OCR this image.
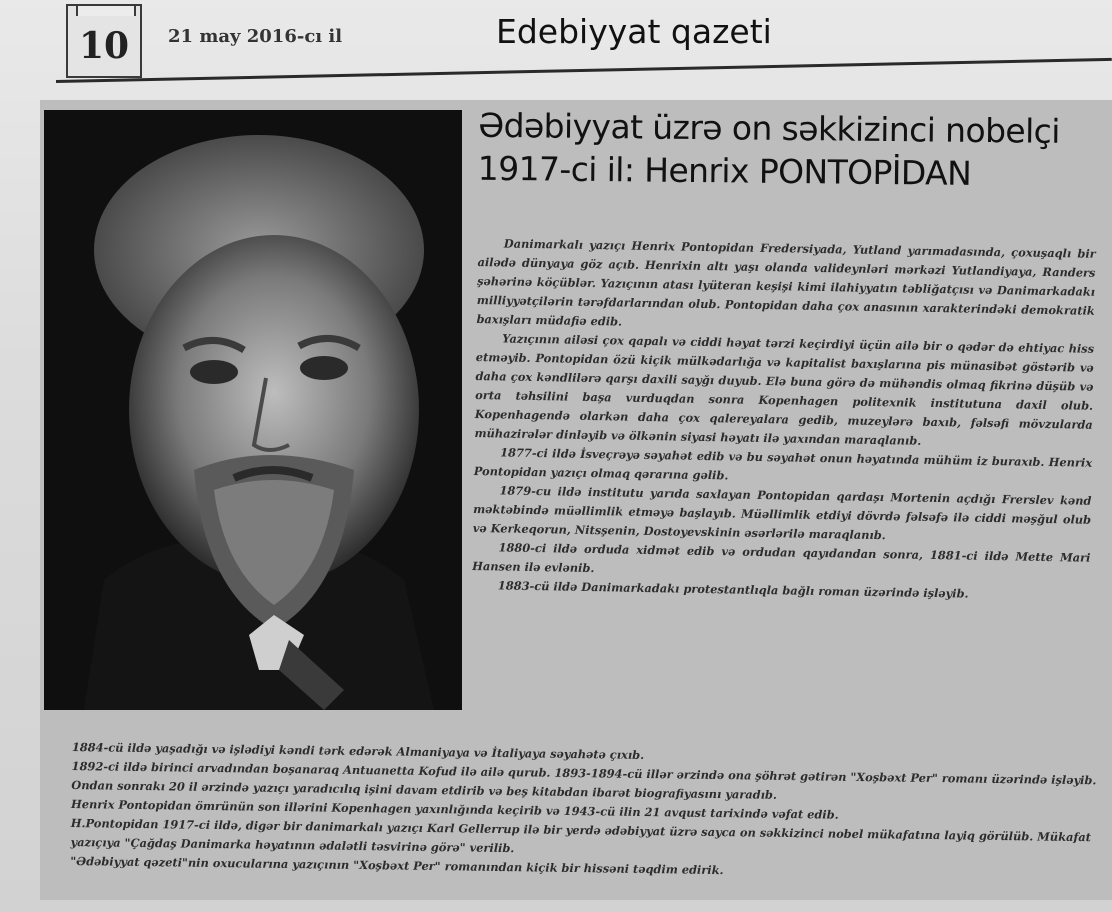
10 21 may 2016-cı il	Edebiyyat qazeti
Ədəbiyyat üzrə on səkkizinci nobelçi
1917-ci il: Henrix PONTOPİDAN

Danimarkalı yazıçı Henrix Pontopidan Fredersiyada, Yutland yarımadasında, çoxuşaqlı bir ailədə dünyaya göz açıb. Henrixin altı yaşı olanda valideynləri mərkəzi Yutlandiyaya, Randers şəhərinə köçüblər. Yazıçının atası lyüteran keşişi kimi ilahiyyatın təbliğatçısı və Danimarkadakı milliyyətçilərin tərəfdarlarından olub. Pontopidan daha çox anasının xarakterindəki demokratik baxışları müdafiə edib.

Yazıçının ailəsi çox qapalı və ciddi həyat tərzi keçirdiyi üçün ailə bir o qədər də ehtiyac hiss etməyib. Pontopidan özü kiçik mülkədarlığa və kapitalist baxışlarına pis münasibət göstərib və daha çox kəndlilərə qarşı daxili sayğı duyub. Elə buna görə də mühəndis olmaq fikrinə düşüb və orta təhsilini başa vurduqdan sonra Kopenhagen politexnik institutuna daxil olub. Kopenhagendə olarkən daha çox qalereyalara gedib, muzeylərə baxıb, fəlsəfi mövzularda mühazirələr dinləyib və ölkənin siyasi həyatı ilə yaxından maraqlanıb.

1877-ci ildə İsveçrəyə səyahət edib və bu səyahət onun həyatında mühüm iz buraxıb. Henrix Pontopidan yazıçı olmaq qərarına gəlib.

1879-cu ildə institutu yarıda saxlayan Pontopidan qardaşı Mortenin açdığı Frerslev kənd məktəbində müəllimlik etməyə başlayıb. Müəllimlik etdiyi dövrdə fəlsəfə ilə ciddi məşğul olub və Kerkeqorun, Nitsşenin, Dostoyevskinin əsərlərilə maraqlanıb.

1880-ci ildə orduda xidmət edib və ordudan qayıdandan sonra, 1881-ci ildə Mette Mari Hansen ilə evlənib.

1883-cü ildə Danimarkadakı protestantlıqla bağlı roman üzərində işləyib.

1884-cü ildə yaşadığı və işlədiyi kəndi tərk edərək Almaniyaya və İtaliyaya səyahətə çıxıb.

1892-ci ildə birinci arvadından boşanaraq Antuanetta Kofud ilə ailə qurub. 1893-1894-cü illər ərzində ona şöhrət gətirən "Xoşbəxt Per" romanı üzərində işləyib. Ondan sonrakı 20 il ərzində yazıçı yaradıcılıq işini davam etdirib və beş kitabdan ibarət biografiyasını yaradıb.

Henrix Pontopidan ömrünün son illərini Kopenhagen yaxınlığında keçirib və 1943-cü ilin 21 avqust tarixində vəfat edib.

H.Pontopidan 1917-ci ildə, digər bir danimarkalı yazıçı Karl Gellerrup ilə bir yerdə ədəbiyyat üzrə sayca on səkkizinci nobel mükafatına layiq görülüb. Mükafat yazıçıya "Çağdaş Danimarka həyatının ədalətli təsvirinə görə" verilib.

"Ədəbiyyat qəzeti"nin oxucularına yazıçının "Xoşbəxt Per" romanından kiçik bir hissəni təqdim edirik.
